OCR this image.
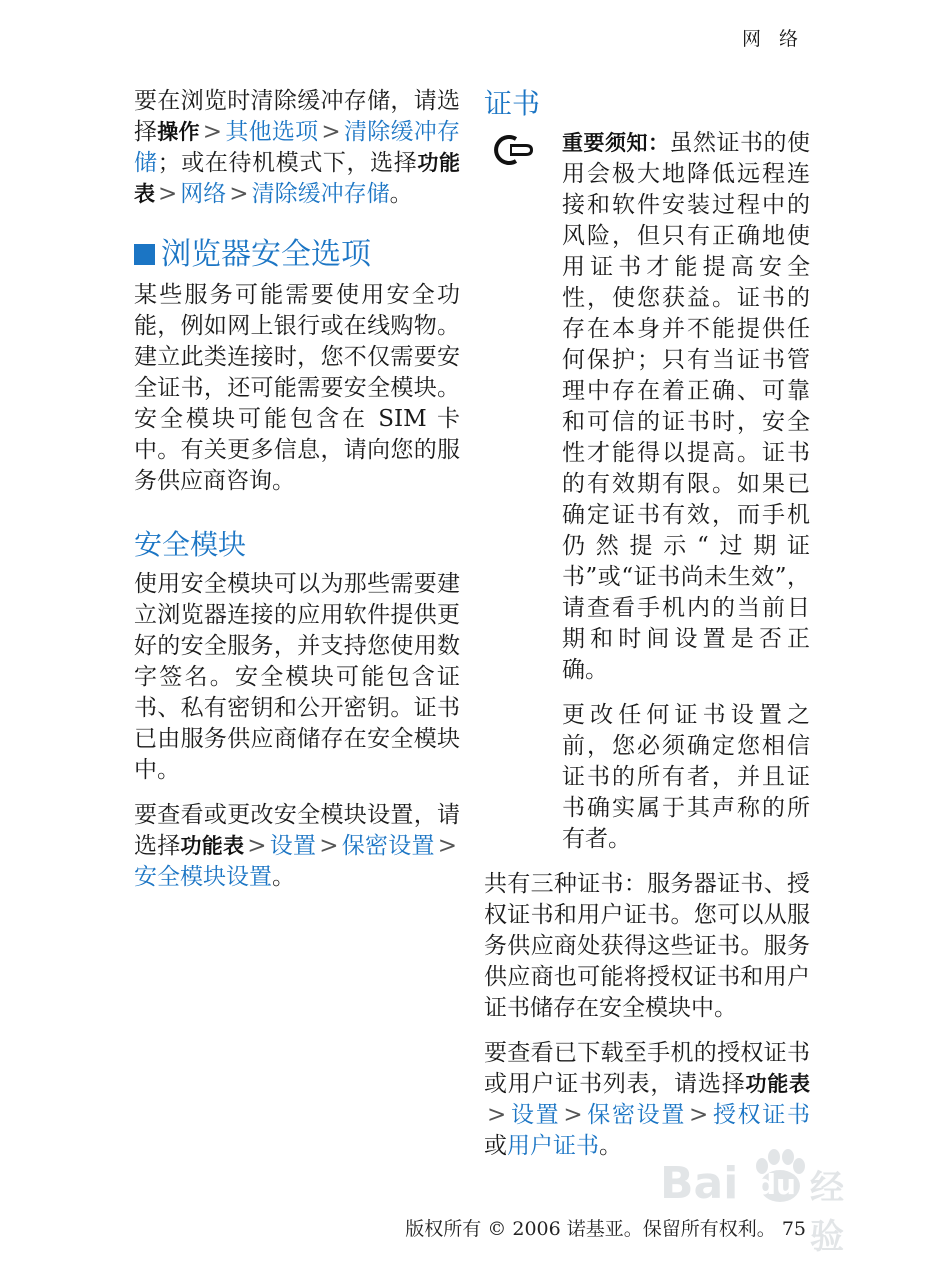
网 络

要在浏览时清除缓冲存储，请选择操作 > 其他选项 > 清除缓冲存储；或在待机模式下，选择功能表 > 网络 > 清除缓冲存储。

浏览器安全选项

某些服务可能需要使用安全功能，例如网上银行或在线购物。建立此类连接时，您不仅需要安全证书，还可能需要安全模块。安全模块可能包含在 SIM 卡中。有关更多信息，请向您的服务供应商咨询。

安全模块

使用安全模块可以为那些需要建立浏览器连接的应用软件提供更好的安全服务，并支持您使用数字签名。安全模块可能包含证书、私有密钥和公开密钥。证书已由服务供应商储存在安全模块中。

要查看或更改安全模块设置，请选择功能表 > 设置 > 保密设置 >安全模块设置。

证书

重要须知：虽然证书的使用会极大地降低远程连接和软件安装过程中的风险，但只有正确地使用证书才能提高安全性，使您获益。证书的存在本身并不能提供任何保护；只有当证书管理中存在着正确、可靠和可信的证书时，安全性才能得以提高。证书的有效期有限。如果已确定证书有效，而手机仍然提示“过期证书”或“证书尚未生效”，请查看手机内的当前日期和时间设置是否正确。

更改任何证书设置之前，您必须确定您相信证书的所有者，并且证书确实属于其声称的所有者。

共有三种证书：服务器证书、授权证书和用户证书。您可以从服务供应商处获得这些证书。服务供应商也可能将授权证书和用户证书储存在安全模块中。

要查看已下载至手机的授权证书或用户证书列表，请选择功能表> 设置 > 保密设置 > 授权证书或用户证书。

Bai du 经验
版权所有 © 2006 诺基亚。保留所有权利。 75
